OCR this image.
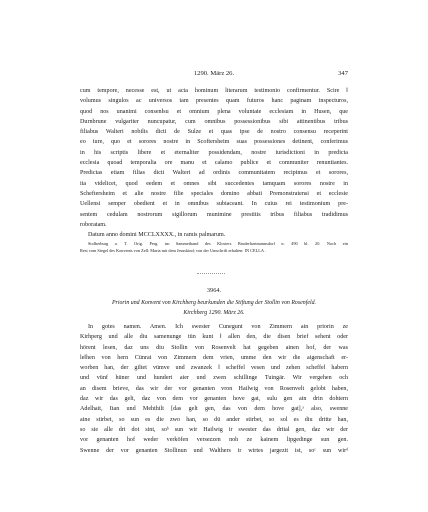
1290. März 26.	347
cum tempore, necesse est, ut acta hominum literarum testimonio confirmentur. Scire ‖
volumus singulos ac universos tam presentes quam futuros hanc paginam inspecturos,
quod nos unanimi consen‖su et omnium plena voluntate ecclesiam in Husen, que
Durnbrune vulgariter nuncupatur, cum omnibus possessionibus sibi attinentibus tribus
filiabus Walteri nobilis dicti de Sulze et quas ipse de nostro consensu receperint
eo iure, quo et sorores nostre in Scoftersheim suas possessiones detinent, conferimus
in his scriptis libere et eternaliter possidendam, nostre iurisdictioni in predicta
ecclesia quoad temporalia ore manu et calamo publice et communiter renuntiantes.
Predictas etiam filias dicti Walteri ad ordinis communitatem recipimus et sorores,
ita videlicet, quod eedem et omnes sibi succedentes tamquam sorores nostre in
Scheftersheim et alie nostre filie speciales domino abbati Premonstratensi et ecclesie
Uellensi semper obedient et in omnibus subiaceant. In cuius rei testimonium pre-
sentem cedulam nostrorum sigillorum munimine prestitis tribus filiabus tradidimus
roboratam.
Datum anno domini MCCLXXXX., in ramis palmarum.
Stolberburg a. T. Orig. Perg. im Sammetband des Klosters Bruderhartmannsdorf n. 490 bl. 20. Noch ein
Rest vom Siegel des Konvents von Zell: Maria mit dem Jesuskind; von der Umschrift erhalten: IN CELLA .
3964.
Priorin und Konvent von Kirchberg beurkunden die Stiftung der Stollin von Rosenfeld.
Kirchberg 1290. März 26.
In gotes namen. Amen. Ich swester Cunegunt von Zimmern ain priorin ze
Kirhperg und alle diu samenunge tün kunt ‖ allen den, die disen brief sehent oder
hörent lesen, daz uns diu Stollin von Rosenvelt hat gegeben ainen hof, der was
le‖hen von hern Cünrat von Zimmern dem vrien, umme den wir die aigenschaft er-
worben han, der giltet vümve und zwanzek ‖ scheffel vesen und zehen scheffel habern
und vünf hüner und hundert aier und zwen schillinge Tuingär. Wir vergehen och
an disem brieve, das wir der vor genanten vron Hailwig von Rosenvelt gelobt haben,
daz wir das gelt, daz von dem vor genanten hove gat, sulu gen ain drin dohtern
Adelhait, Itan und Mehthilt [das gelt gen, das von dem hove gat],ᵃ also, swenne
aine stirbet, so sun es die zwo han, so dü ander stirbet, so sol es diu dritte han,
so sie alle dri dot sint, soᵇ sun wir Hailwig ir swester das drital gen, daz wir der
vor genanten hof weder verköfen versezzen noh ze kainem lipgedinge sun gen.
Swenne der vor genanten Stollinun und Walthers ir wirtes jargezit ist, soᶜ sun wirᵈ
